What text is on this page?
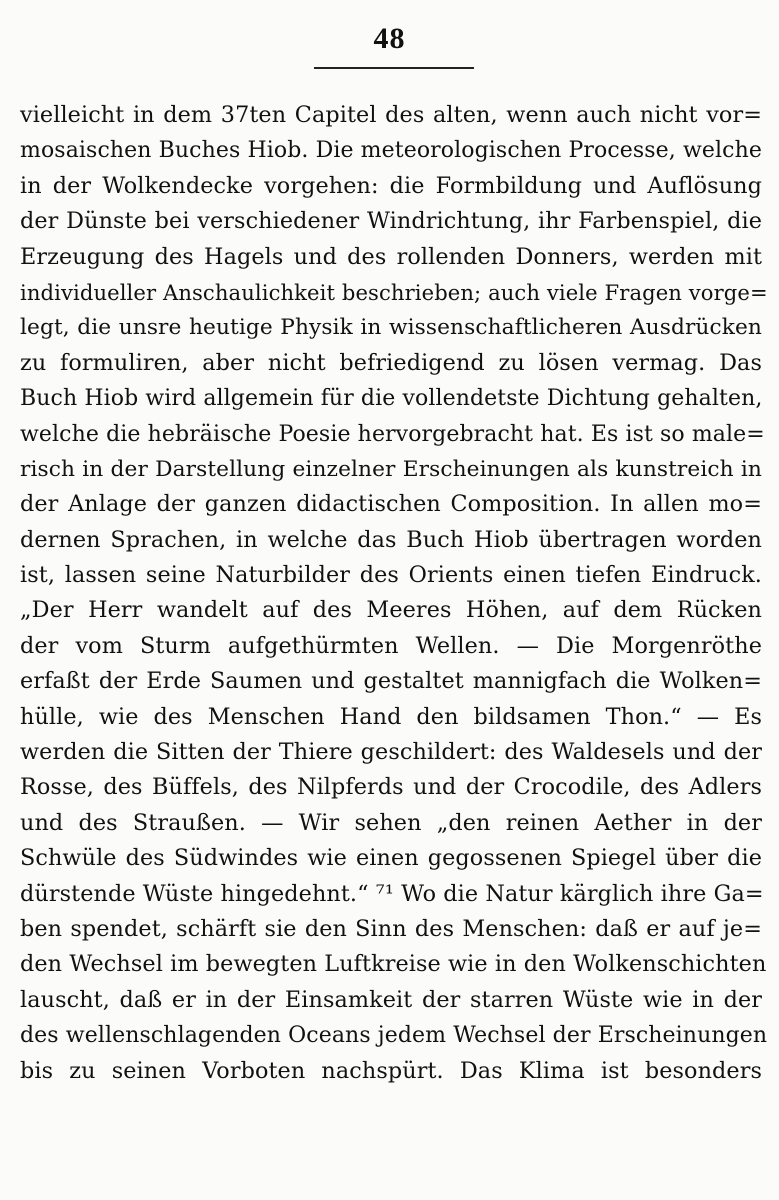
48
vielleicht in dem 37ten Capitel des alten, wenn auch nicht vor=
mosaischen Buches Hiob. Die meteorologischen Processe, welche
in der Wolkendecke vorgehen: die Formbildung und Auflösung
der Dünste bei verschiedener Windrichtung, ihr Farbenspiel, die
Erzeugung des Hagels und des rollenden Donners, werden mit
individueller Anschaulichkeit beschrieben; auch viele Fragen vorge=
legt, die unsre heutige Physik in wissenschaftlicheren Ausdrücken
zu formuliren, aber nicht befriedigend zu lösen vermag. Das
Buch Hiob wird allgemein für die vollendetste Dichtung gehalten,
welche die hebräische Poesie hervorgebracht hat. Es ist so male=
risch in der Darstellung einzelner Erscheinungen als kunstreich in
der Anlage der ganzen didactischen Composition. In allen mo=
dernen Sprachen, in welche das Buch Hiob übertragen worden
ist, lassen seine Naturbilder des Orients einen tiefen Eindruck.
„Der Herr wandelt auf des Meeres Höhen, auf dem Rücken
der vom Sturm aufgethürmten Wellen. — Die Morgenröthe
erfaßt der Erde Saumen und gestaltet mannigfach die Wolken=
hülle, wie des Menschen Hand den bildsamen Thon.“ — Es
werden die Sitten der Thiere geschildert: des Waldesels und der
Rosse, des Büffels, des Nilpferds und der Crocodile, des Adlers
und des Straußen. — Wir sehen „den reinen Aether in der
Schwüle des Südwindes wie einen gegossenen Spiegel über die
dürstende Wüste hingedehnt.“ ⁷¹ Wo die Natur kärglich ihre Ga=
ben spendet, schärft sie den Sinn des Menschen: daß er auf je=
den Wechsel im bewegten Luftkreise wie in den Wolkenschichten
lauscht, daß er in der Einsamkeit der starren Wüste wie in der
des wellenschlagenden Oceans jedem Wechsel der Erscheinungen
bis zu seinen Vorboten nachspürt. Das Klima ist besonders
